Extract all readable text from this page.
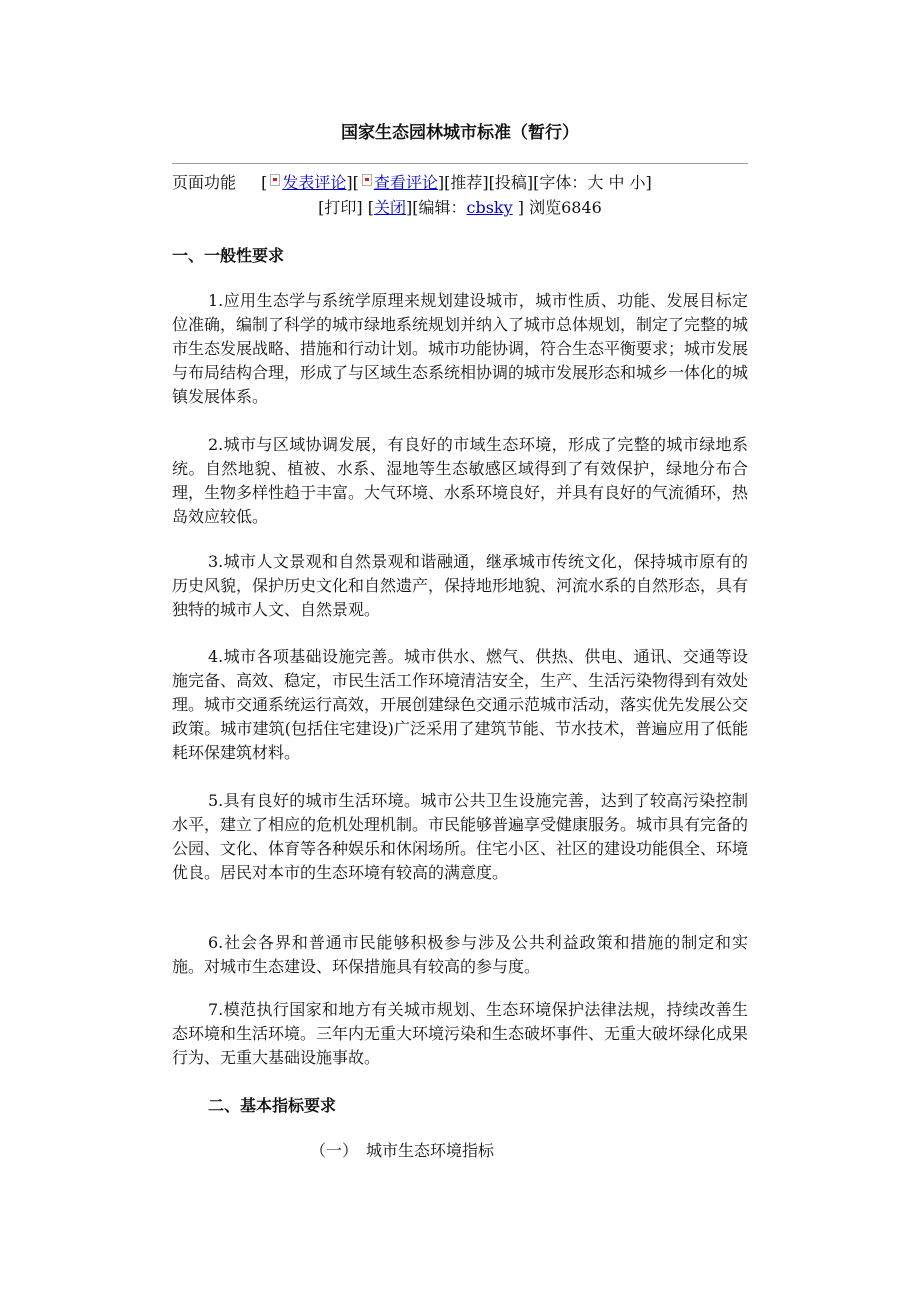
国家生态园林城市标准（暂行）
页面功能 [ 发表评论][ 查看评论][推荐][投稿][字体：大 中 小]
[打印] [关闭][编辑：cbsky ] 浏览6846
一、一般性要求

1.应用生态学与系统学原理来规划建设城市，城市性质、功能、发展目标定位准确，编制了科学的城市绿地系统规划并纳入了城市总体规划，制定了完整的城市生态发展战略、措施和行动计划。城市功能协调，符合生态平衡要求；城市发展与布局结构合理，形成了与区域生态系统相协调的城市发展形态和城乡一体化的城镇发展体系。

2.城市与区域协调发展，有良好的市域生态环境，形成了完整的城市绿地系统。自然地貌、植被、水系、湿地等生态敏感区域得到了有效保护，绿地分布合理，生物多样性趋于丰富。大气环境、水系环境良好，并具有良好的气流循环，热岛效应较低。

3.城市人文景观和自然景观和谐融通，继承城市传统文化，保持城市原有的历史风貌，保护历史文化和自然遗产，保持地形地貌、河流水系的自然形态，具有独特的城市人文、自然景观。

4.城市各项基础设施完善。城市供水、燃气、供热、供电、通讯、交通等设施完备、高效、稳定，市民生活工作环境清洁安全，生产、生活污染物得到有效处理。城市交通系统运行高效，开展创建绿色交通示范城市活动，落实优先发展公交政策。城市建筑(包括住宅建设)广泛采用了建筑节能、节水技术，普遍应用了低能耗环保建筑材料。

5.具有良好的城市生活环境。城市公共卫生设施完善，达到了较高污染控制水平，建立了相应的危机处理机制。市民能够普遍享受健康服务。城市具有完备的公园、文化、体育等各种娱乐和休闲场所。住宅小区、社区的建设功能俱全、环境优良。居民对本市的生态环境有较高的满意度。

6.社会各界和普通市民能够积极参与涉及公共利益政策和措施的制定和实施。对城市生态建设、环保措施具有较高的参与度。

7.模范执行国家和地方有关城市规划、生态环境保护法律法规，持续改善生态环境和生活环境。三年内无重大环境污染和生态破坏事件、无重大破坏绿化成果行为、无重大基础设施事故。

二、基本指标要求
（一）　城市生态环境指标
